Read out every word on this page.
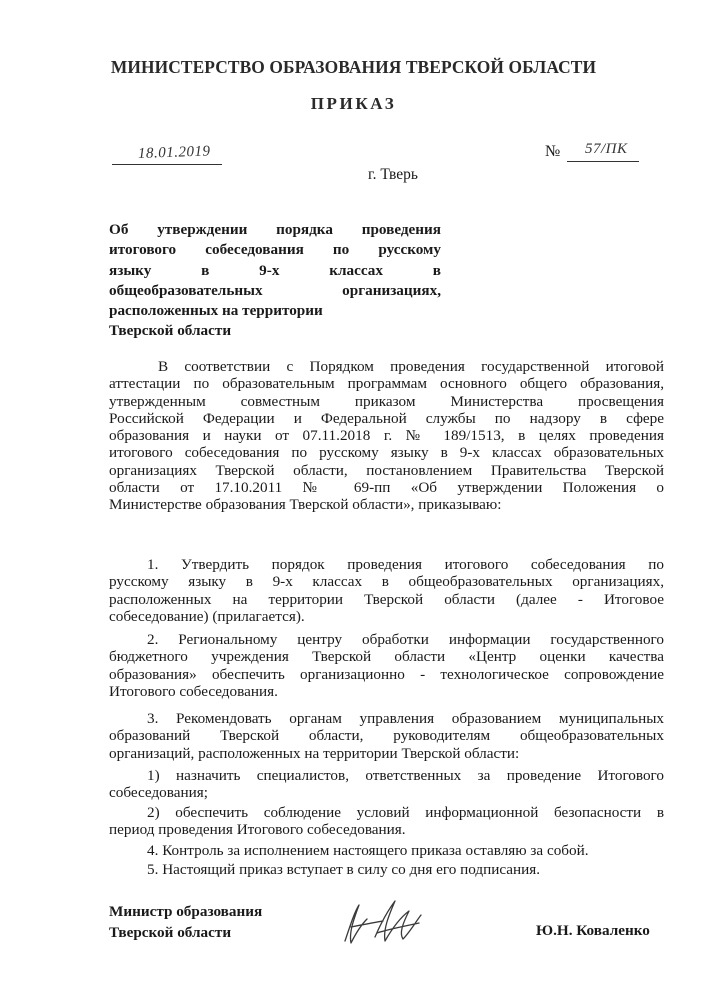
МИНИСТЕРСТВО ОБРАЗОВАНИЯ ТВЕРСКОЙ ОБЛАСТИ
ПРИКАЗ
18.01.2019
г. Тверь
№ 57/ПК
Об утверждении порядка проведения
итогового собеседования по русскому
языку в 9-х классах в
общеобразовательных организациях,
расположенных на территории
Тверской области
В соответствии с Порядком проведения государственной итоговой
аттестации по образовательным программам основного общего образования,
утвержденным совместным приказом Министерства просвещения
Российской Федерации и Федеральной службы по надзору в сфере
образования и науки от 07.11.2018 г. № 189/1513, в целях проведения
итогового собеседования по русскому языку в 9-х классах образовательных
организациях Тверской области, постановлением Правительства Тверской
области от 17.10.2011 № 69-пп «Об утверждении Положения о
Министерстве образования Тверской области», приказываю:
1. Утвердить порядок проведения итогового собеседования по
русскому языку в 9-х классах в общеобразовательных организациях,
расположенных на территории Тверской области (далее - Итоговое
собеседование) (прилагается).
2. Региональному центру обработки информации государственного
бюджетного учреждения Тверской области «Центр оценки качества
образования» обеспечить организационно - технологическое сопровождение
Итогового собеседования.
3. Рекомендовать органам управления образованием муниципальных
образований Тверской области, руководителям общеобразовательных
организаций, расположенных на территории Тверской области:
1) назначить специалистов, ответственных за проведение Итогового
собеседования;
2) обеспечить соблюдение условий информационной безопасности в
период проведения Итогового собеседования.
4. Контроль за исполнением настоящего приказа оставляю за собой.
5. Настоящий приказ вступает в силу со дня его подписания.
Министр образования
Тверской области	Ю.Н. Коваленко
